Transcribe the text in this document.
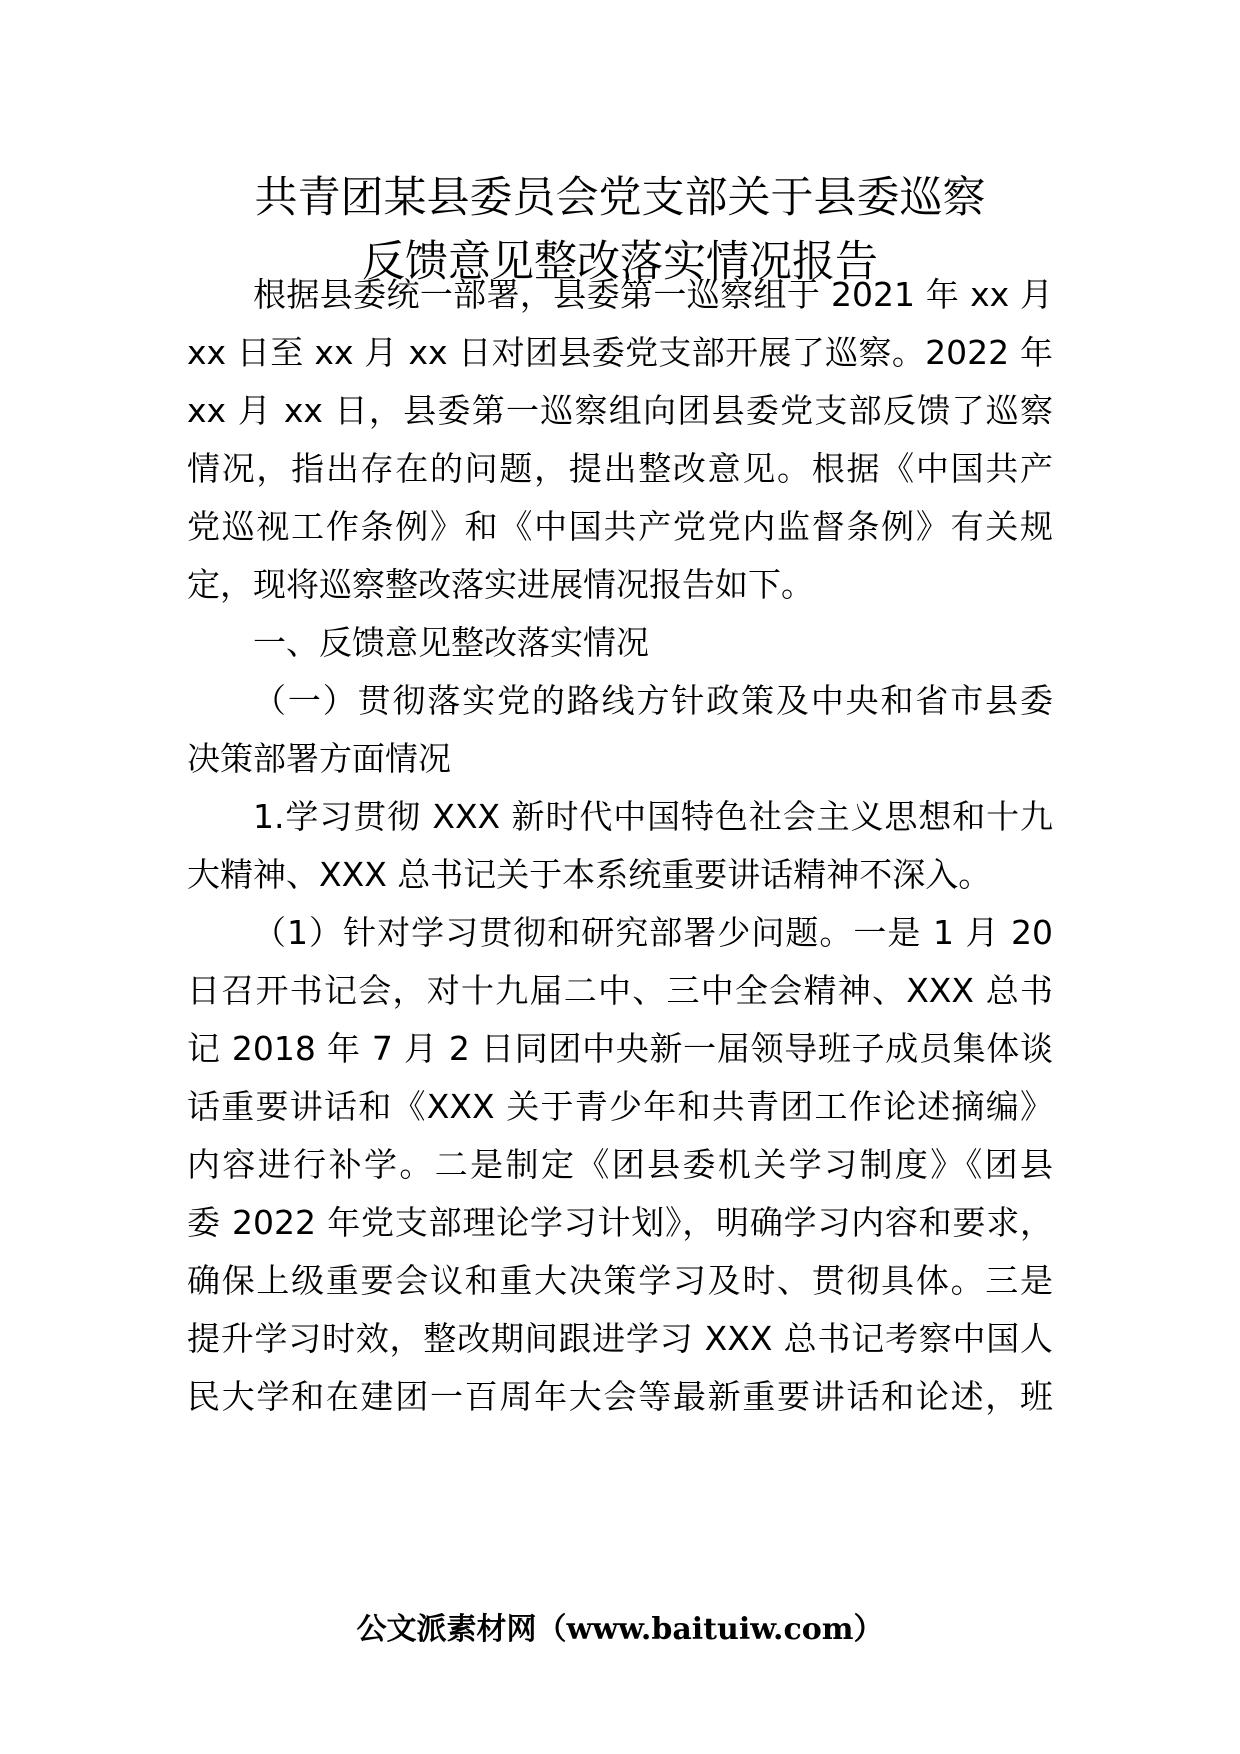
共青团某县委员会党支部关于县委巡察
反馈意见整改落实情况报告
根据县委统一部署，县委第一巡察组于 2021 年 xx 月
xx 日至 xx 月 xx 日对团县委党支部开展了巡察。2022 年
xx 月 xx 日，县委第一巡察组向团县委党支部反馈了巡察
情况，指出存在的问题，提出整改意见。根据《中国共产
党巡视工作条例》和《中国共产党党内监督条例》有关规
定，现将巡察整改落实进展情况报告如下。
一、反馈意见整改落实情况
（一）贯彻落实党的路线方针政策及中央和省市县委
决策部署方面情况
1.学习贯彻 XXX 新时代中国特色社会主义思想和十九
大精神、XXX 总书记关于本系统重要讲话精神不深入。
（1）针对学习贯彻和研究部署少问题。一是 1 月 20
日召开书记会，对十九届二中、三中全会精神、XXX 总书
记 2018 年 7 月 2 日同团中央新一届领导班子成员集体谈
话重要讲话和《XXX 关于青少年和共青团工作论述摘编》
内容进行补学。二是制定《团县委机关学习制度》《团县
委 2022 年党支部理论学习计划》，明确学习内容和要求，
确保上级重要会议和重大决策学习及时、贯彻具体。三是
提升学习时效，整改期间跟进学习 XXX 总书记考察中国人
民大学和在建团一百周年大会等最新重要讲话和论述，班
公文派素材网（www.baituiw.com）
